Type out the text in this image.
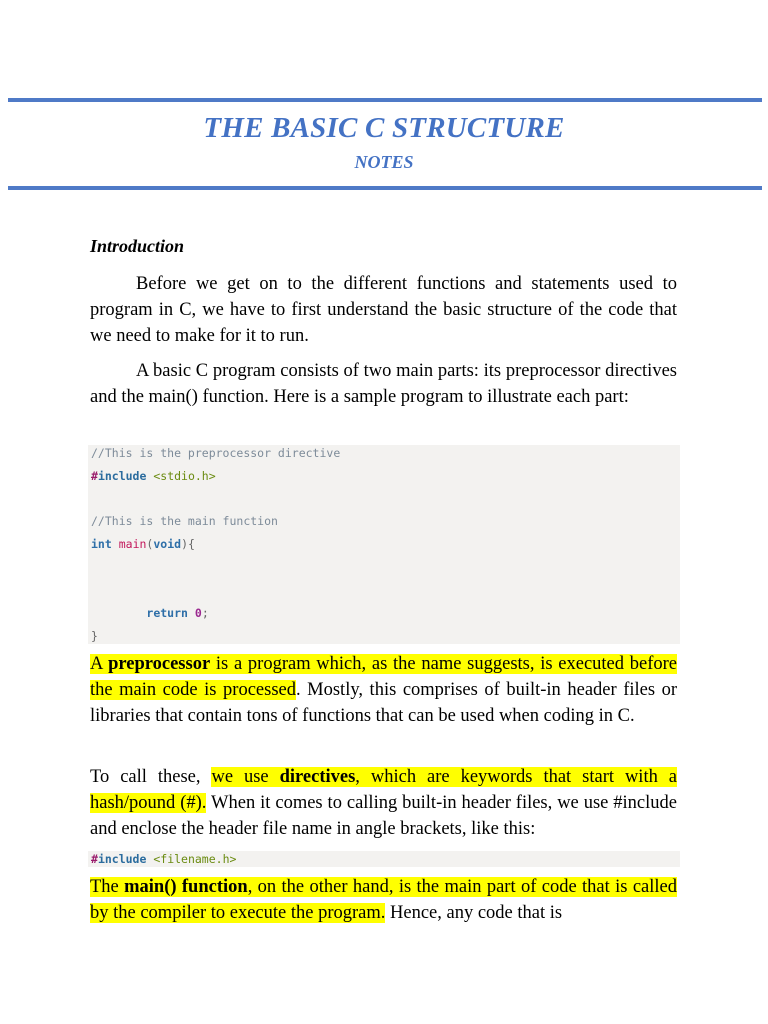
THE BASIC C STRUCTURE
NOTES
Introduction

Before we get on to the different functions and statements used to program in C, we have to first understand the basic structure of the code that we need to make for it to run.

A basic C program consists of two main parts: its preprocessor directives and the main() function. Here is a sample program to illustrate each part:

//This is the preprocessor directive
#include <stdio.h>
//This is the main function
int main(void){
return 0;
}

A preprocessor is a program which, as the name suggests, is executed before the main code is processed. Mostly, this comprises of built-in header files or libraries that contain tons of functions that can be used when coding in C.

To call these, we use directives, which are keywords that start with a hash/pound (#). When it comes to calling built-in header files, we use #include and enclose the header file name in angle brackets, like this:

#include <filename.h>

The main() function, on the other hand, is the main part of code that is called by the compiler to execute the program. Hence, any code that is
